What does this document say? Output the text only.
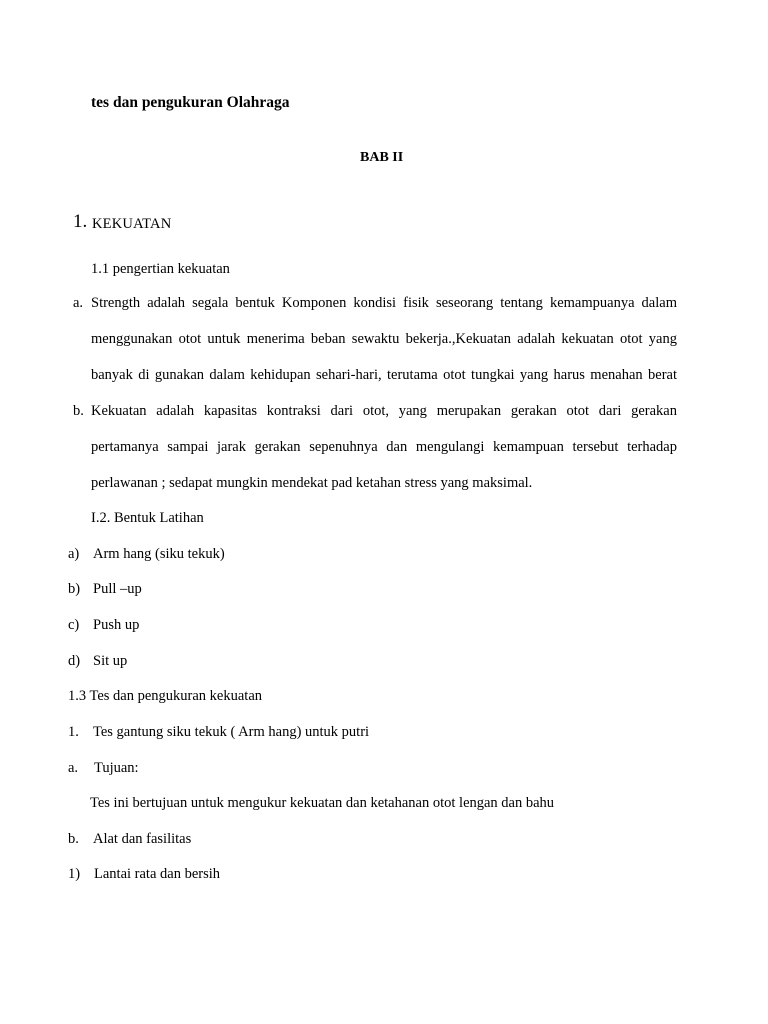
tes dan pengukuran Olahraga
BAB II
1. KEKUATAN
1.1 pengertian kekuatan
a. Strength adalah segala bentuk Komponen kondisi fisik seseorang tentang kemampuanya dalam
menggunakan otot untuk menerima beban sewaktu bekerja.,Kekuatan adalah kekuatan otot yang
banyak di gunakan dalam kehidupan sehari-hari, terutama otot tungkai yang harus menahan berat
b. Kekuatan adalah kapasitas kontraksi dari otot, yang merupakan gerakan otot dari gerakan
pertamanya sampai jarak gerakan sepenuhnya dan mengulangi kemampuan tersebut terhadap
perlawanan ; sedapat mungkin mendekat pad ketahan stress yang maksimal.
I.2. Bentuk Latihan
a) Arm hang (siku tekuk)
b) Pull –up
c) Push up
d) Sit up
1.3 Tes dan pengukuran kekuatan
1. Tes gantung siku tekuk ( Arm hang) untuk putri
a. Tujuan:
Tes ini bertujuan untuk mengukur kekuatan dan ketahanan otot lengan dan bahu
b. Alat dan fasilitas
1) Lantai rata dan bersih
